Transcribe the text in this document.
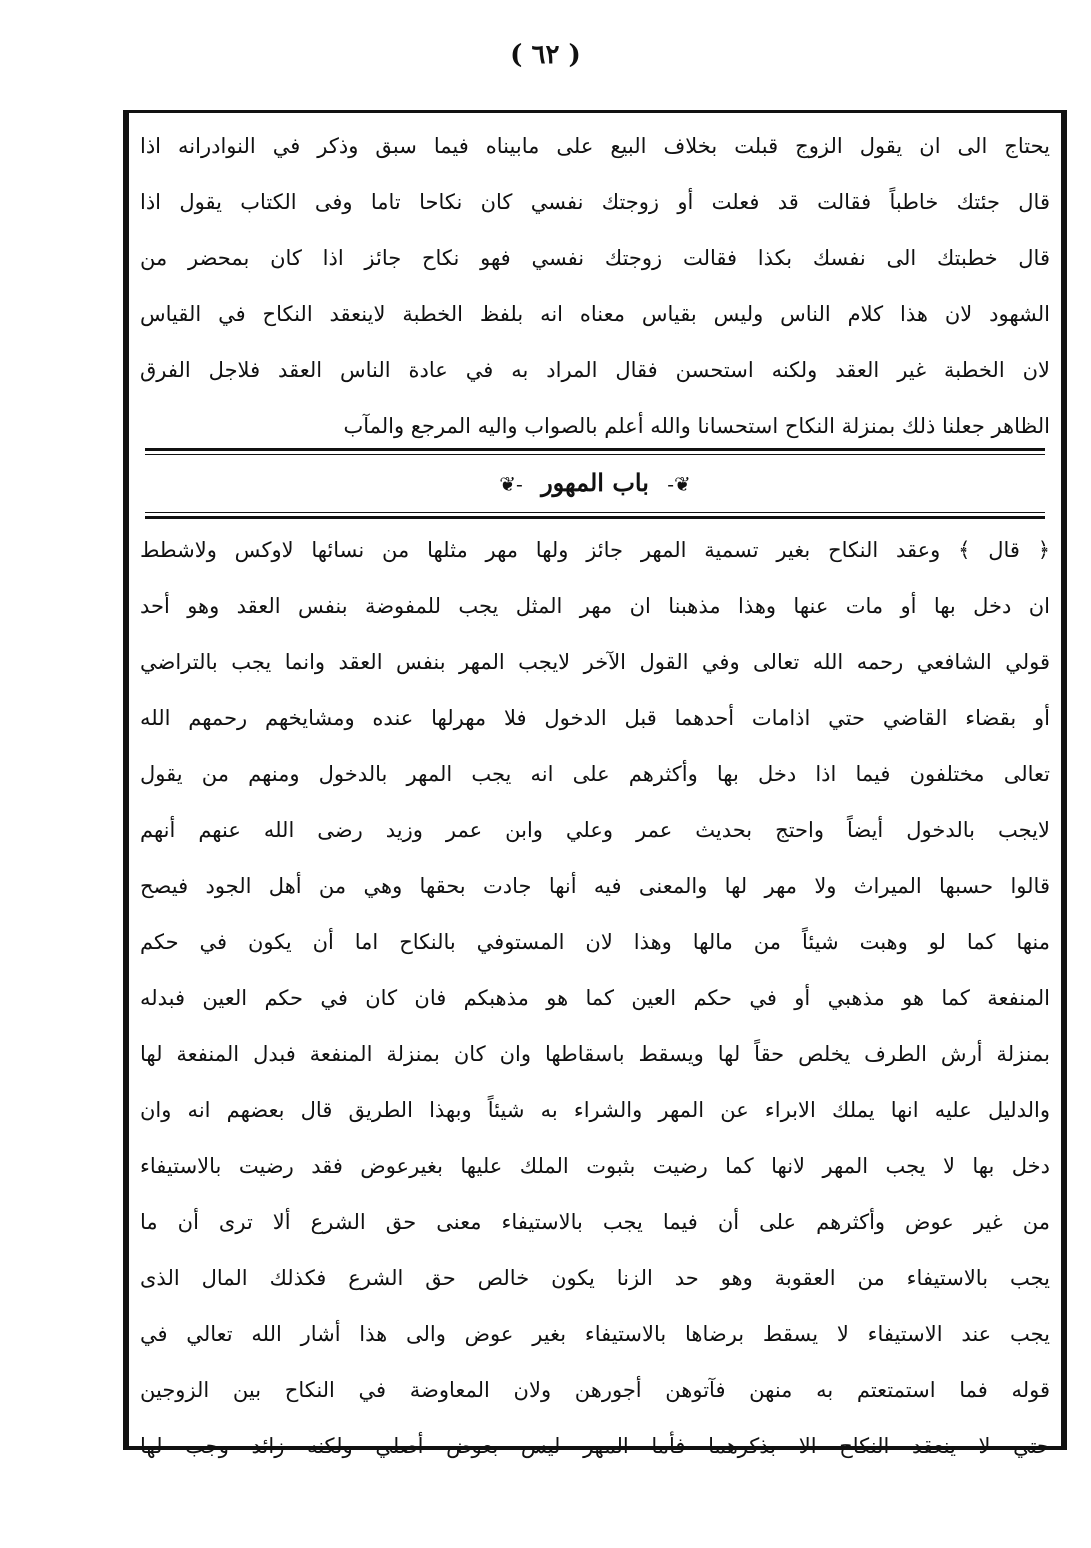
( ٦٢ )
يحتاج الى ان يقول الزوج قبلت بخلاف البيع على مابيناه فيما سبق وذكر في النوادرانه اذا
قال جئتك خاطباً فقالت قد فعلت أو زوجتك نفسي كان نكاحا تاما وفى الكتاب يقول اذا
قال خطبتك الى نفسك بكذا فقالت زوجتك نفسي فهو نكاح جائز اذا كان بمحضر من
الشهود لان هذا كلام الناس وليس بقياس معناه انه بلفظ الخطبة لاينعقد النكاح في القياس
لان الخطبة غير العقد ولكنه استحسن فقال المراد به في عادة الناس العقد فلاجل الفرق
الظاهر جعلنا ذلك بمنزلة النكاح استحسانا والله أعلم بالصواب واليه المرجع والمآب
❦- باب المهور -❦
﴿ قال ﴾ وعقد النكاح بغير تسمية المهر جائز ولها مهر مثلها من نسائها لاوكس ولاشطط
ان دخل بها أو مات عنها وهذا مذهبنا ان مهر المثل يجب للمفوضة بنفس العقد وهو أحد
قولي الشافعي رحمه الله تعالى وفي القول الآخر لايجب المهر بنفس العقد وانما يجب بالتراضي
أو بقضاء القاضي حتي اذامات أحدهما قبل الدخول فلا مهرلها عنده ومشايخهم رحمهم الله
تعالى مختلفون فيما اذا دخل بها وأكثرهم على انه يجب المهر بالدخول ومنهم من يقول
لايجب بالدخول أيضاً واحتج بحديث عمر وعلي وابن عمر وزيد رضى الله عنهم أنهم
قالوا حسبها الميراث ولا مهر لها والمعنى فيه أنها جادت بحقها وهي من أهل الجود فيصح
منها كما لو وهبت شيئاً من مالها وهذا لان المستوفي بالنكاح اما أن يكون في حكم
المنفعة كما هو مذهبي أو في حكم العين كما هو مذهبكم فان كان في حكم العين فبدله
بمنزلة أرش الطرف يخلص حقاً لها ويسقط باسقاطها وان كان بمنزلة المنفعة فبدل المنفعة لها
والدليل عليه انها يملك الابراء عن المهر والشراء به شيئاً وبهذا الطريق قال بعضهم انه وان
دخل بها لا يجب المهر لانها كما رضيت بثبوت الملك عليها بغيرعوض فقد رضيت بالاستيفاء
من غير عوض وأكثرهم على أن فيما يجب بالاستيفاء معنى حق الشرع ألا ترى أن ما
يجب بالاستيفاء من العقوبة وهو حد الزنا يكون خالص حق الشرع فكذلك المال الذى
يجب عند الاستيفاء لا يسقط برضاها بالاستيفاء بغير عوض والى هذا أشار الله تعالي في
قوله فما استمتعتم به منهن فآتوهن أجورهن ولان المعاوضة في النكاح بين الزوجين
حتي لا ينعقد النكاح الا بذكرهما فأما المهر ليس بعوض أصلي ولكنه زائد وجب لها
